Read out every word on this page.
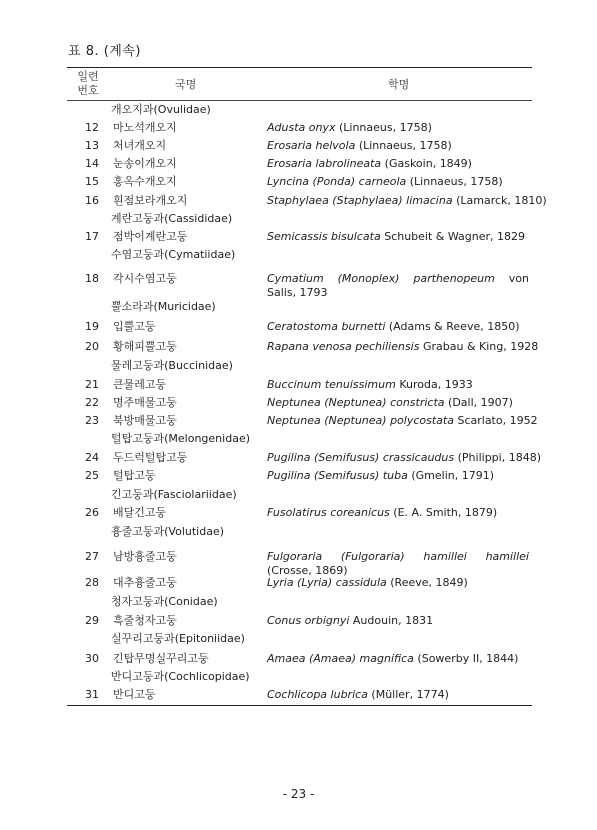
표 8. (계속)
일련
번호	국명	학명
개오지과(Ovulidae)
12 마노석개오지	Adusta onyx (Linnaeus, 1758)
13 처녀개오지	Erosaria helvola (Linnaeus, 1758)
14 눈송이개오지	Erosaria labrolineata (Gaskoin, 1849)
15 홍옥수개오지	Lyncina (Ponda) carneola (Linnaeus, 1758)
16 흰점보라개오지	Staphylaea (Staphylaea) limacina (Lamarck, 1810)
계란고둥과(Cassididae)
17 점박이계란고둥	Semicassis bisulcata Schubeit & Wagner, 1829
수염고둥과(Cymatiidae)
18 각시수염고둥	Cymatium (Monoplex) parthenopeum von Salis, 1793
뿔소라과(Muricidae)
19 입뿔고둥	Ceratostoma burnetti (Adams & Reeve, 1850)
20 황해피뿔고둥	Rapana venosa pechiliensis Grabau & King, 1928
물레고둥과(Buccinidae)
21 큰물레고둥	Buccinum tenuissimum Kuroda, 1933
22 명주매물고둥	Neptunea (Neptunea) constricta (Dall, 1907)
23 북방매물고둥	Neptunea (Neptunea) polycostata Scarlato, 1952
털탑고둥과(Melongenidae)
24 두드럭털탑고둥	Pugilina (Semifusus) crassicaudus (Philippi, 1848)
25 털탑고둥	Pugilina (Semifusus) tuba (Gmelin, 1791)
긴고둥과(Fasciolariidae)
26 배달긴고둥	Fusolatirus coreanicus (E. A. Smith, 1879)
흉줄고둥과(Volutidae)
27 남방흉줄고둥	Fulgoraria (Fulgoraria) hamillei hamillei (Crosse, 1869)
28 대추흉줄고둥	Lyria (Lyria) cassidula (Reeve, 1849)
청자고둥과(Conidae)
29 흑줄청자고둥	Conus orbignyi Audouin, 1831
실꾸리고둥과(Epitoniidae)
30 긴탑무명실꾸리고둥	Amaea (Amaea) magnifica (Sowerby II, 1844)
반디고둥과(Cochlicopidae)
31 반디고둥	Cochlicopa lubrica (Müller, 1774)
- 23 -
